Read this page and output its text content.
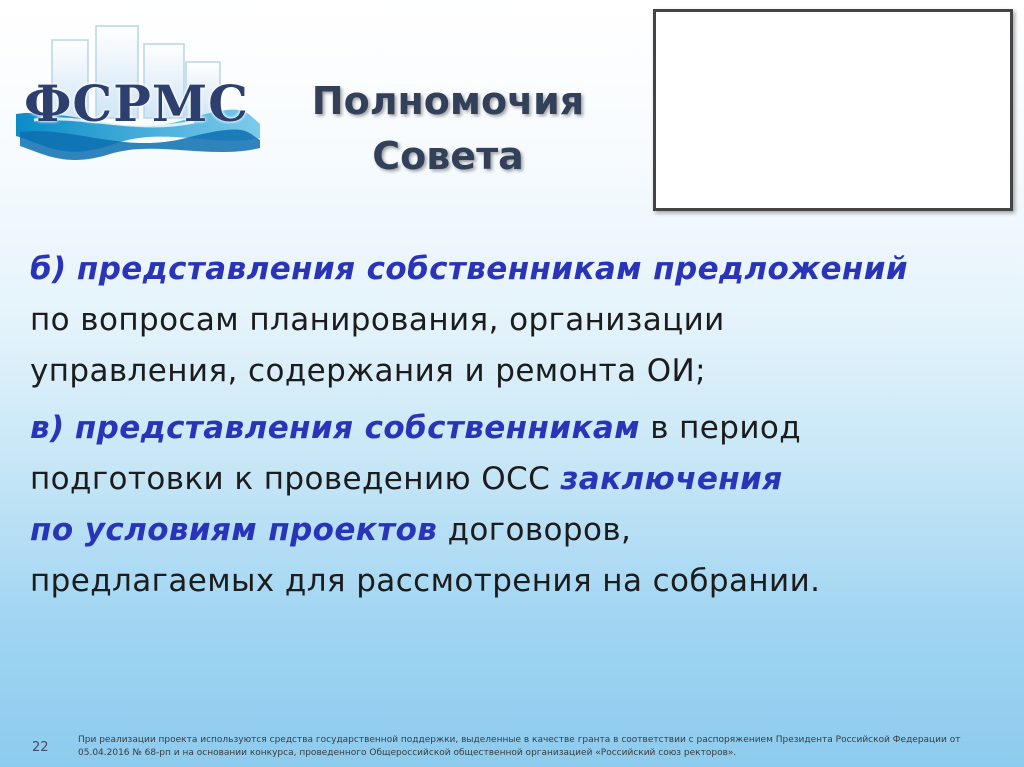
ФСРМС	Полномочия
Совета
б) представления собственникам предложений
по вопросам планирования, организации
управления, содержания и ремонта ОИ;
в) представления собственникам в период
подготовки к проведению ОСС заключения
по условиям проектов договоров,
предлагаемых для рассмотрения на собрании.
22	При реализации проекта используются средства государственной поддержки, выделенные в качестве гранта в соответствии с распоряжением Президента Российской Федерации от
05.04.2016 № 68-рп и на основании конкурса, проведенного Общероссийской общественной организацией «Российский союз ректоров».
